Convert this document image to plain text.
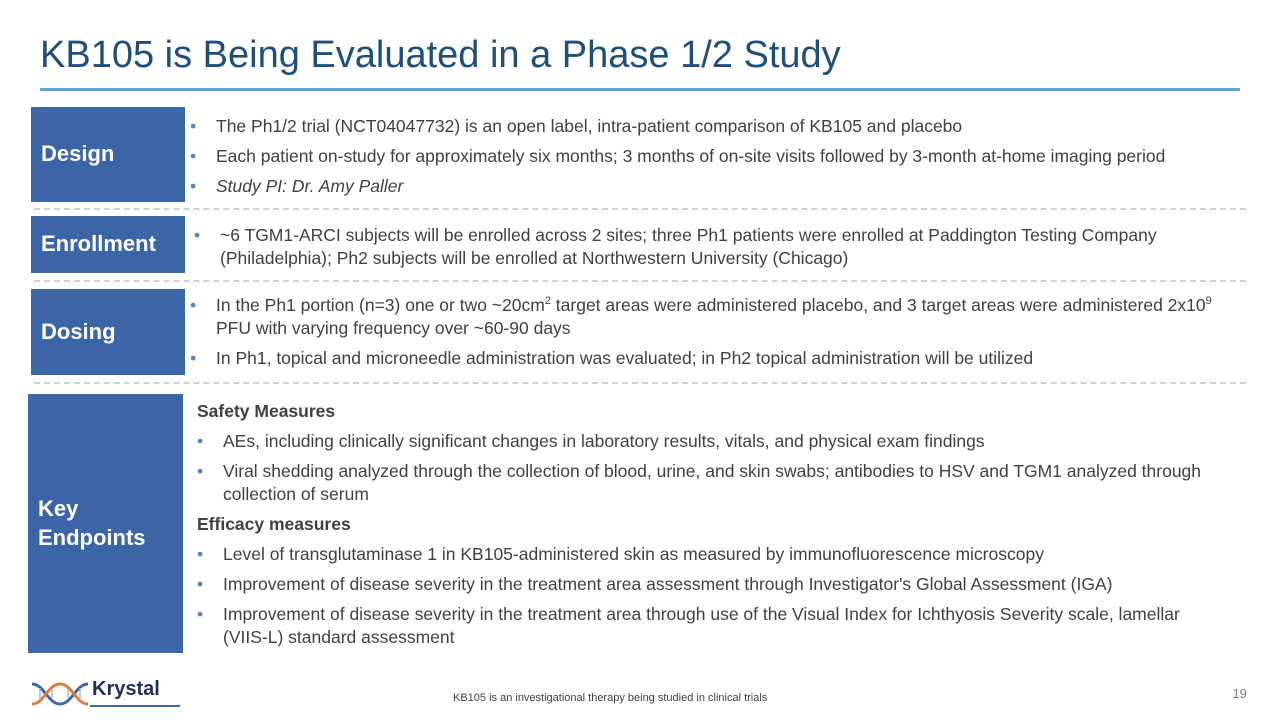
KB105 is Being Evaluated in a Phase 1/2 Study
Design
• The Ph1/2 trial (NCT04047732) is an open label, intra-patient comparison of KB105 and placebo
• Each patient on-study for approximately six months; 3 months of on-site visits followed by 3-month at-home imaging period
• Study PI: Dr. Amy Paller
Enrollment
•	~6 TGM1-ARCI subjects will be enrolled across 2 sites; three Ph1 patients were enrolled at Paddington Testing Company (Philadelphia); Ph2 subjects will be enrolled at Northwestern University (Chicago)
Dosing
• In the Ph1 portion (n=3) one or two $\sim 20cm^2$ target areas were administered placebo, and 3 target areas were administered $2x10^9$ PFU with varying frequency over ~60-90 days
• In Ph1, topical and microneedle administration was evaluated; in Ph2 topical administration will be utilized
Key
Endpoints
Safety Measures
• AEs, including clinically significant changes in laboratory results, vitals, and physical exam findings
• Viral shedding analyzed through the collection of blood, urine, and skin swabs; antibodies to HSV and TGM1 analyzed through collection of serum
Efficacy measures
• Level of transglutaminase 1 in KB105-administered skin as measured by immunofluorescence microscopy
• Improvement of disease severity in the treatment area assessment through Investigator's Global Assessment (IGA)
• Improvement of disease severity in the treatment area through use of the Visual Index for Ichthyosis Severity scale, lamellar (VIIS-L) standard assessment
Krystal	KB105 is an investigational therapy being studied in clinical trials	19
